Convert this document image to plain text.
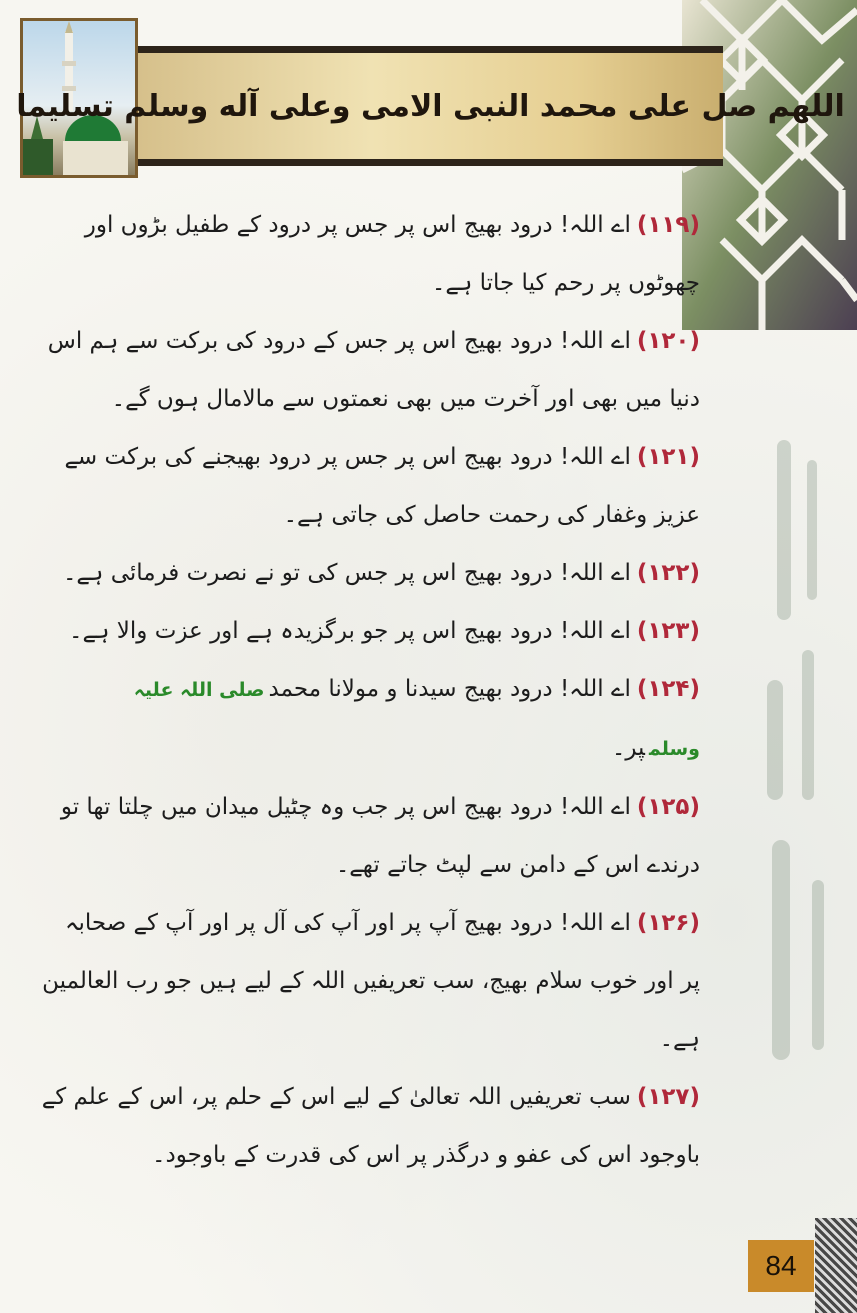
اللهم صل علی محمد النبی الامی وعلی آله وسلم تسلیما

(۱۱۹)اے اللہ! درود بھیج اس پر جس پر درود کے طفیل بڑوں اور چھوٹوں پر رحم کیا جاتا ہے۔

(۱۲۰)اے اللہ! درود بھیج اس پر جس کے درود کی برکت سے ہم اس دنیا میں بھی اور آخرت میں بھی نعمتوں سے مالامال ہوں گے۔

(۱۲۱)اے اللہ! درود بھیج اس پر جس پر درود بھیجنے کی برکت سے عزیز وغفار کی رحمت حاصل کی جاتی ہے۔

(۱۲۲)اے اللہ! درود بھیج اس پر جس کی تو نے نصرت فرمائی ہے۔

(۱۲۳)اے اللہ! درود بھیج اس پر جو برگزیدہ ہے اور عزت والا ہے۔

(۱۲۴)اے اللہ! درود بھیج سیدنا و مولانا محمدصلی اللہ علیہ وسلمپر۔

(۱۲۵)اے اللہ! درود بھیج اس پر جب وہ چٹیل میدان میں چلتا تھا تو درندے اس کے دامن سے لپٹ جاتے تھے۔

(۱۲۶)اے اللہ! درود بھیج آپ پر اور آپ کی آل پر اور آپ کے صحابہ پر اور خوب سلام بھیج، سب تعریفیں اللہ کے لیے ہیں جو رب العالمین ہے۔

(۱۲۷)سب تعریفیں اللہ تعالیٰ کے لیے اس کے حلم پر، اس کے علم کے باوجود اس کی عفو و درگذر پر اس کی قدرت کے باوجود۔

84
